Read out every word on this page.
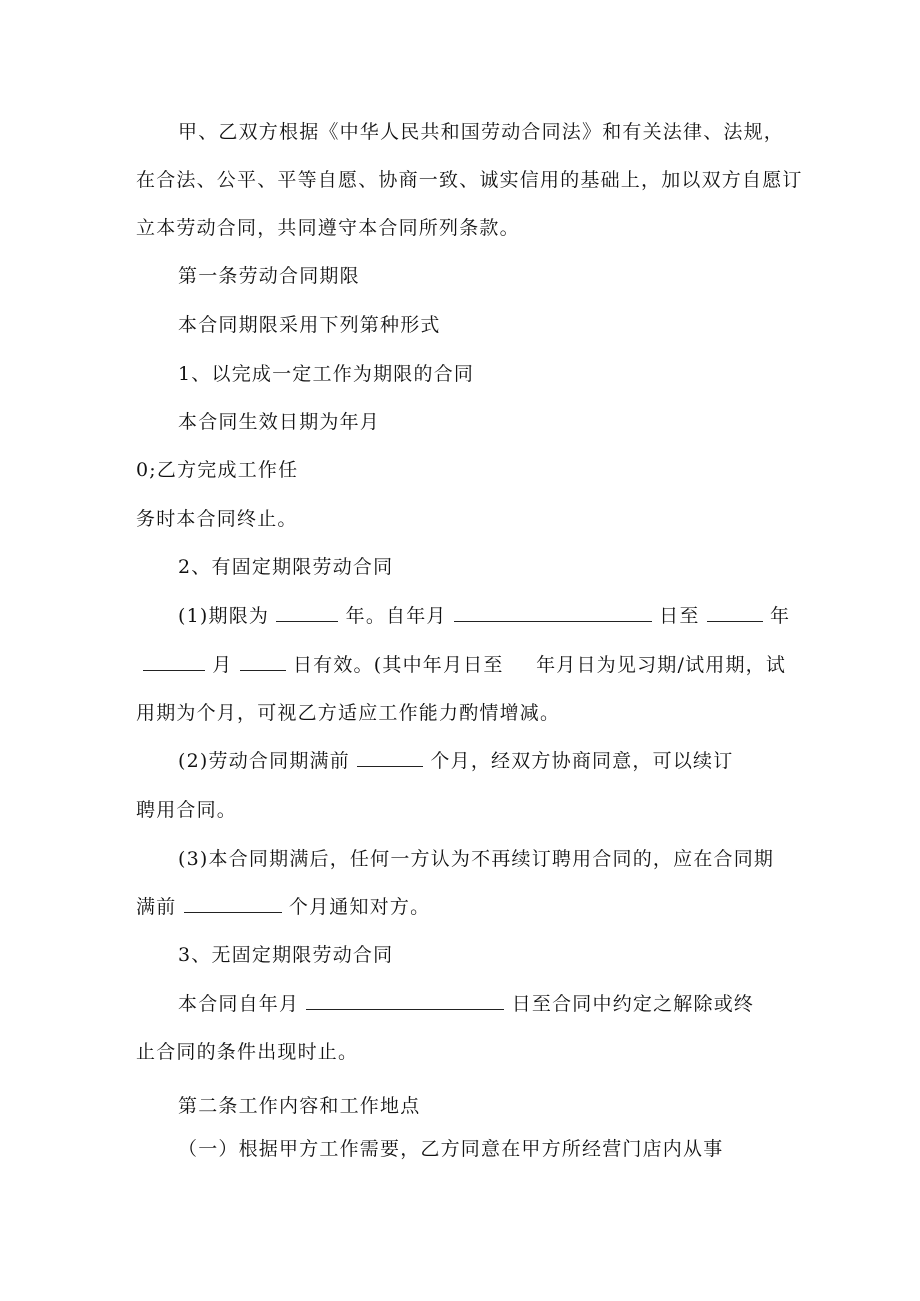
甲、乙双方根据《中华人民共和国劳动合同法》和有关法律、法规，
在合法、公平、平等自愿、协商一致、诚实信用的基础上，加以双方自愿订
立本劳动合同，共同遵守本合同所列条款。
第一条劳动合同期限
本合同期限采用下列第种形式
1、以完成一定工作为期限的合同
本合同生效日期为年月
0;乙方完成工作任
务时本合同终止。
2、有固定期限劳动合同
(1)期限为	年。自年月	日至	年
月	日有效。(其中年月日至 年月日为见习期/试用期，试
用期为个月，可视乙方适应工作能力酌情增减。
(2)劳动合同期满前	个月，经双方协商同意，可以续订
聘用合同。
(3)本合同期满后，任何一方认为不再续订聘用合同的，应在合同期
满前	个月通知对方。
3、无固定期限劳动合同
本合同自年月	日至合同中约定之解除或终
止合同的条件出现时止。
第二条工作内容和工作地点
（一）根据甲方工作需要，乙方同意在甲方所经营门店内从事
